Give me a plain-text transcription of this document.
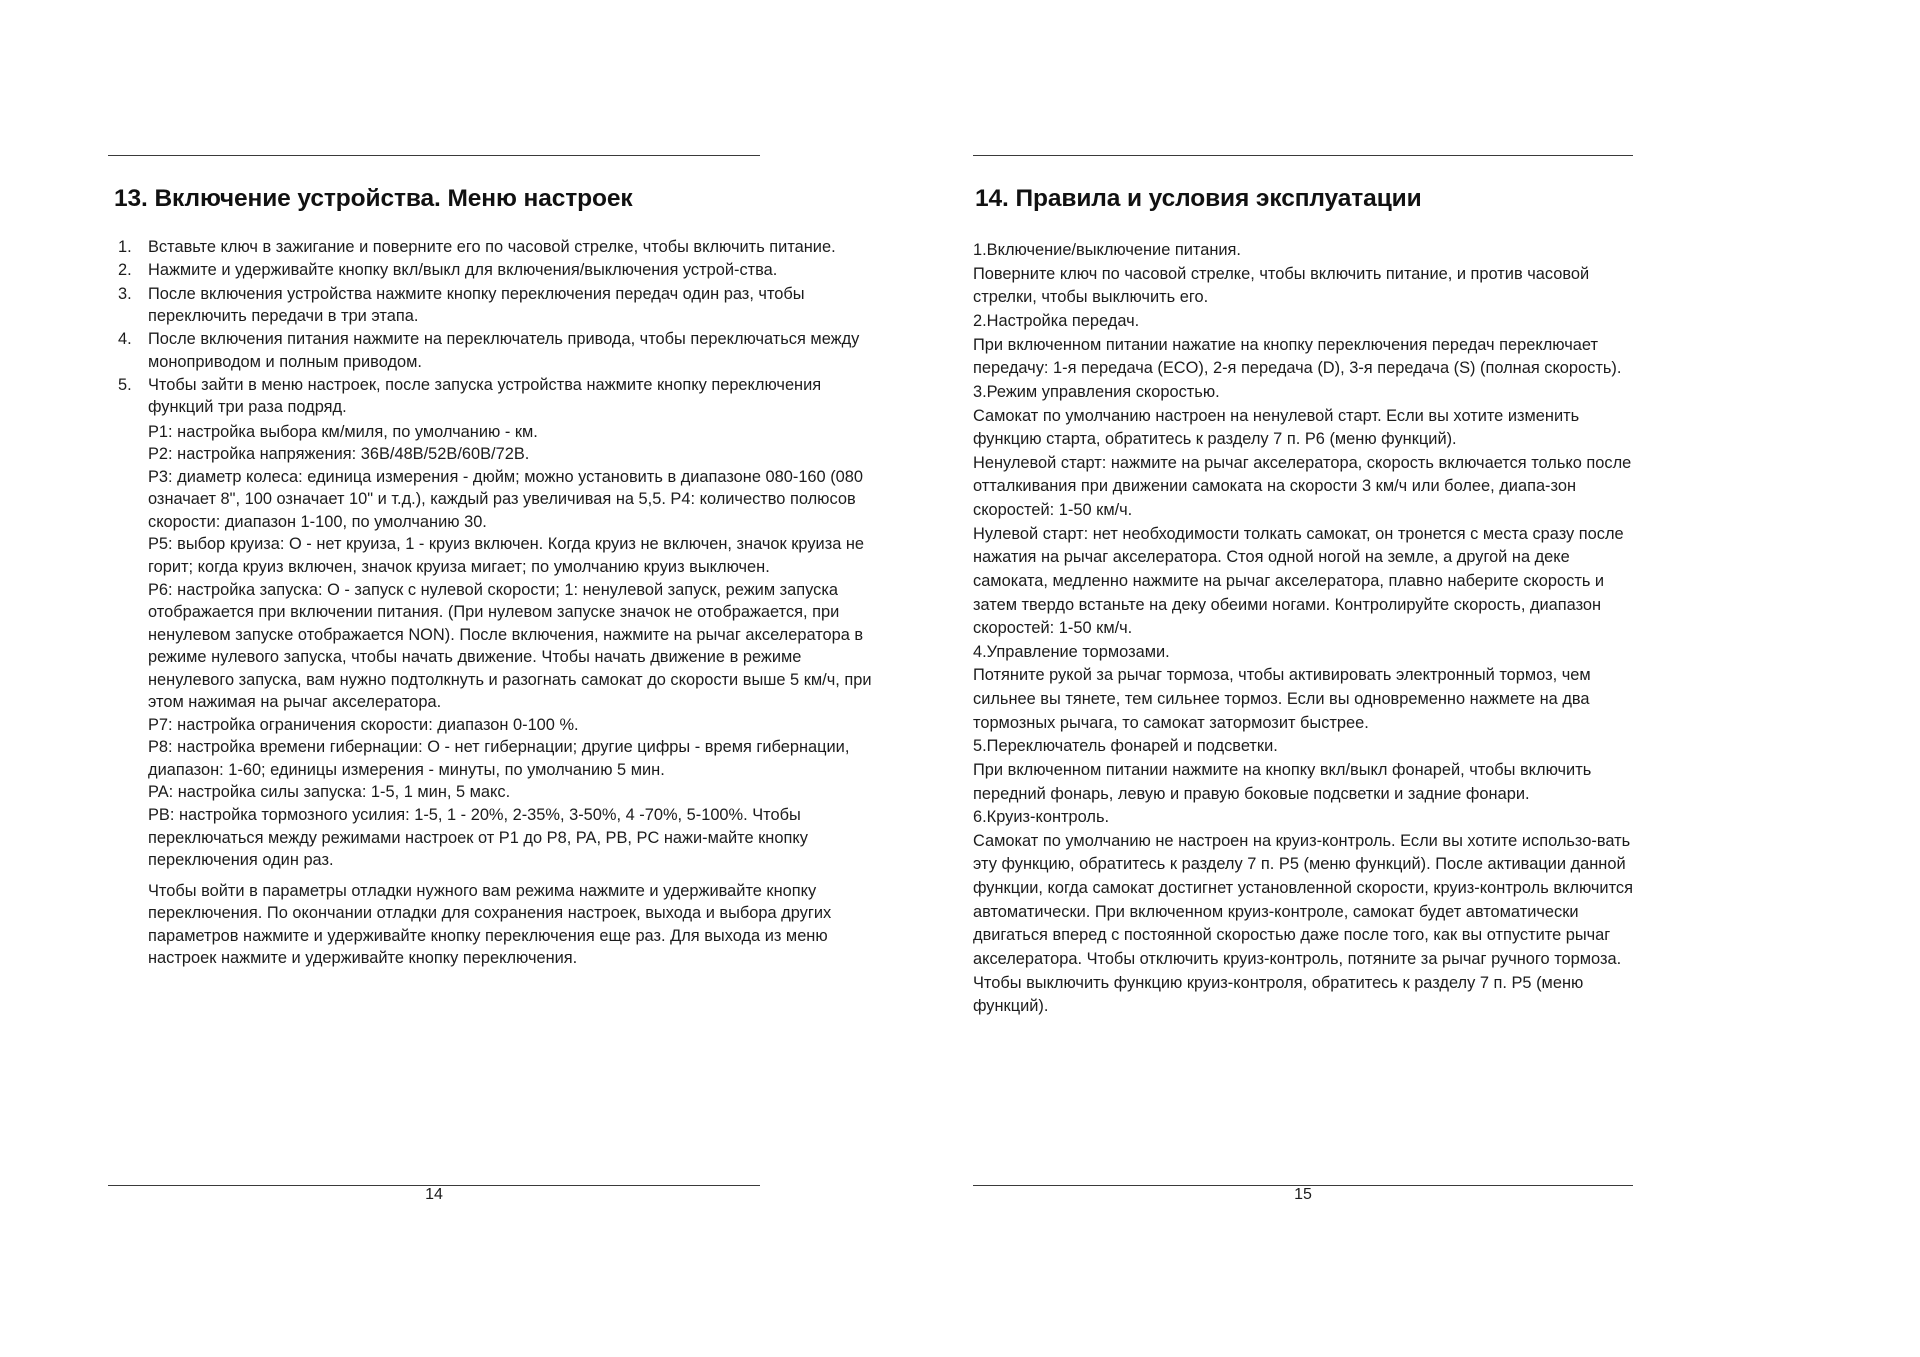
13. Включение устройства. Меню настроек
1. Вставьте ключ в зажигание и поверните его по часовой стрелке, чтобы включить питание.
2. Нажмите и удерживайте кнопку вкл/выкл для включения/выключения устрой-ства.
3. После включения устройства нажмите кнопку переключения передач один раз, чтобы переключить передачи в три этапа.
4. После включения питания нажмите на переключатель привода, чтобы переключаться между моноприводом и полным приводом.
5. Чтобы зайти в меню настроек, после запуска устройства нажмите кнопку переключения функций три раза подряд.
P1: настройка выбора км/миля, по умолчанию - км.
P2: настройка напряжения: 36В/48В/52В/60В/72В.
P3: диаметр колеса: единица измерения - дюйм; можно установить в диапазоне 080-160 (080 означает 8", 100 означает 10" и т.д.), каждый раз увеличивая на 5,5. P4: количество полюсов скорости: диапазон 1-100, по умолчанию 30.
P5: выбор круиза: О - нет круиза, 1 - круиз включен. Когда круиз не включен, значок круиза не горит; когда круиз включен, значок круиза мигает; по умолчанию круиз выключен.
P6: настройка запуска: О - запуск с нулевой скорости; 1: ненулевой запуск, режим запуска отображается при включении питания. (При нулевом запуске значок не отображается, при ненулевом запуске отображается NON). После включения, нажмите на рычаг акселератора в режиме нулевого запуска, чтобы начать движение. Чтобы начать движение в режиме ненулевого запуска, вам нужно подтолкнуть и разогнать самокат до скорости выше 5 км/ч, при этом нажимая на рычаг акселератора.
P7: настройка ограничения скорости: диапазон 0-100 %.
P8: настройка времени гибернации: О - нет гибернации; другие цифры - время гибернации, диапазон: 1-60; единицы измерения - минуты, по умолчанию 5 мин.
PA: настройка силы запуска: 1-5, 1 мин, 5 макс.
PB: настройка тормозного усилия: 1-5, 1 - 20%, 2-35%, 3-50%, 4 -70%, 5-100%. Чтобы переключаться между режимами настроек от P1 до P8, PA, PB, PC нажи-майте кнопку переключения один раз.
Чтобы войти в параметры отладки нужного вам режима нажмите и удерживайте кнопку переключения. По окончании отладки для сохранения настроек, выхода и выбора других параметров нажмите и удерживайте кнопку переключения еще раз. Для выхода из меню настроек нажмите и удерживайте кнопку переключения.
14. Правила и условия эксплуатации
1.Включение/выключение питания.
Поверните ключ по часовой стрелке, чтобы включить питание, и против часовой стрелки, чтобы выключить его.
2.Настройка передач.
При включенном питании нажатие на кнопку переключения передач переключает передачу: 1-я передача (ECO), 2-я передача (D), 3-я передача (S) (полная скорость).
3.Режим управления скоростью.
Самокат по умолчанию настроен на ненулевой старт. Если вы хотите изменить функцию старта, обратитесь к разделу 7 п. P6 (меню функций).
Ненулевой старт: нажмите на рычаг акселератора, скорость включается только после отталкивания при движении самоката на скорости 3 км/ч или более, диапа-зон скоростей: 1-50 км/ч.
Нулевой старт: нет необходимости толкать самокат, он тронется с места сразу после нажатия на рычаг акселератора. Стоя одной ногой на земле, а другой на деке самоката, медленно нажмите на рычаг акселератора, плавно наберите скорость и затем твердо встаньте на деку обеими ногами. Контролируйте скорость, диапазон скоростей: 1-50 км/ч.
4.Управление тормозами.
Потяните рукой за рычаг тормоза, чтобы активировать электронный тормоз, чем сильнее вы тянете, тем сильнее тормоз. Если вы одновременно нажмете на два тормозных рычага, то самокат затормозит быстрее.
5.Переключатель фонарей и подсветки.
При включенном питании нажмите на кнопку вкл/выкл фонарей, чтобы включить передний фонарь, левую и правую боковые подсветки и задние фонари.
6.Круиз-контроль.
Самокат по умолчанию не настроен на круиз-контроль. Если вы хотите использо-вать эту функцию, обратитесь к разделу 7 п. P5 (меню функций). После активации данной функции, когда самокат достигнет установленной скорости, круиз-контроль включится автоматически. При включенном круиз-контроле, самокат будет автоматически двигаться вперед с постоянной скоростью даже после того, как вы отпустите рычаг акселератора. Чтобы отключить круиз-контроль, потяните за рычаг ручного тормоза. Чтобы выключить функцию круиз-контроля, обратитесь к разделу 7 п. P5 (меню функций).
14	15
